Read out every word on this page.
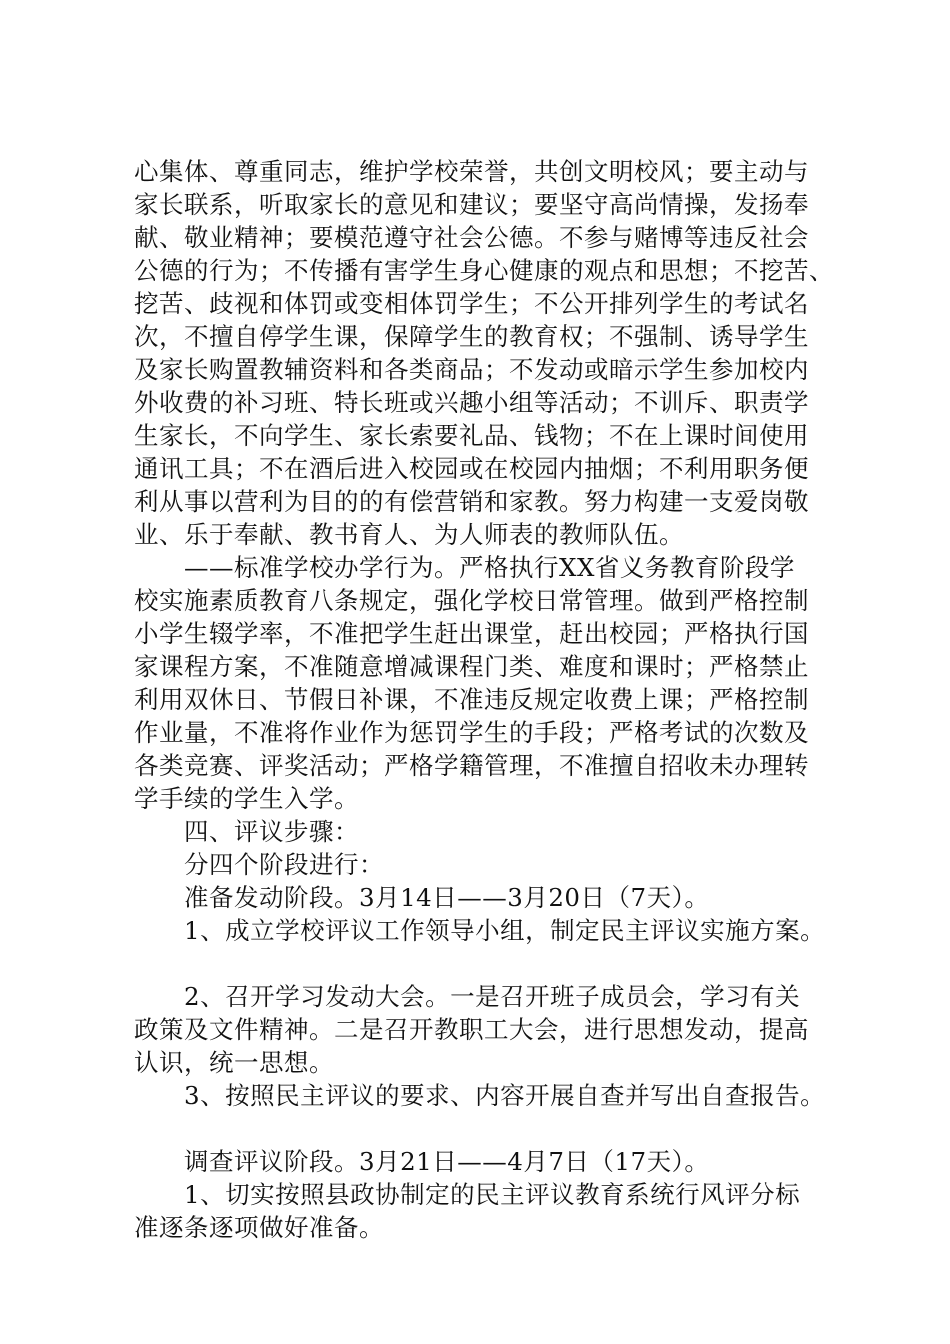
心集体、尊重同志，维护学校荣誉，共创文明校风；要主动与
家长联系，听取家长的意见和建议；要坚守高尚情操，发扬奉
献、敬业精神；要模范遵守社会公德。不参与赌博等违反社会
公德的行为；不传播有害学生身心健康的观点和思想；不挖苦、
挖苦、歧视和体罚或变相体罚学生；不公开排列学生的考试名
次，不擅自停学生课，保障学生的教育权；不强制、诱导学生
及家长购置教辅资料和各类商品；不发动或暗示学生参加校内
外收费的补习班、特长班或兴趣小组等活动；不训斥、职责学
生家长，不向学生、家长索要礼品、钱物；不在上课时间使用
通讯工具；不在酒后进入校园或在校园内抽烟；不利用职务便
利从事以营利为目的的有偿营销和家教。努力构建一支爱岗敬
业、乐于奉献、教书育人、为人师表的教师队伍。
——标准学校办学行为。严格执行XX省义务教育阶段学
校实施素质教育八条规定，强化学校日常管理。做到严格控制
小学生辍学率，不准把学生赶出课堂，赶出校园；严格执行国
家课程方案，不准随意增减课程门类、难度和课时；严格禁止
利用双休日、节假日补课，不准违反规定收费上课；严格控制
作业量，不准将作业作为惩罚学生的手段；严格考试的次数及
各类竞赛、评奖活动；严格学籍管理，不准擅自招收未办理转
学手续的学生入学。
四、评议步骤：
分四个阶段进行：
准备发动阶段。3月14日——3月20日（7天）。
1、成立学校评议工作领导小组，制定民主评议实施方案。
2、召开学习发动大会。一是召开班子成员会，学习有关
政策及文件精神。二是召开教职工大会，进行思想发动，提高
认识，统一思想。
3、按照民主评议的要求、内容开展自查并写出自查报告。
调查评议阶段。3月21日——4月7日（17天）。
1、切实按照县政协制定的民主评议教育系统行风评分标
准逐条逐项做好准备。
